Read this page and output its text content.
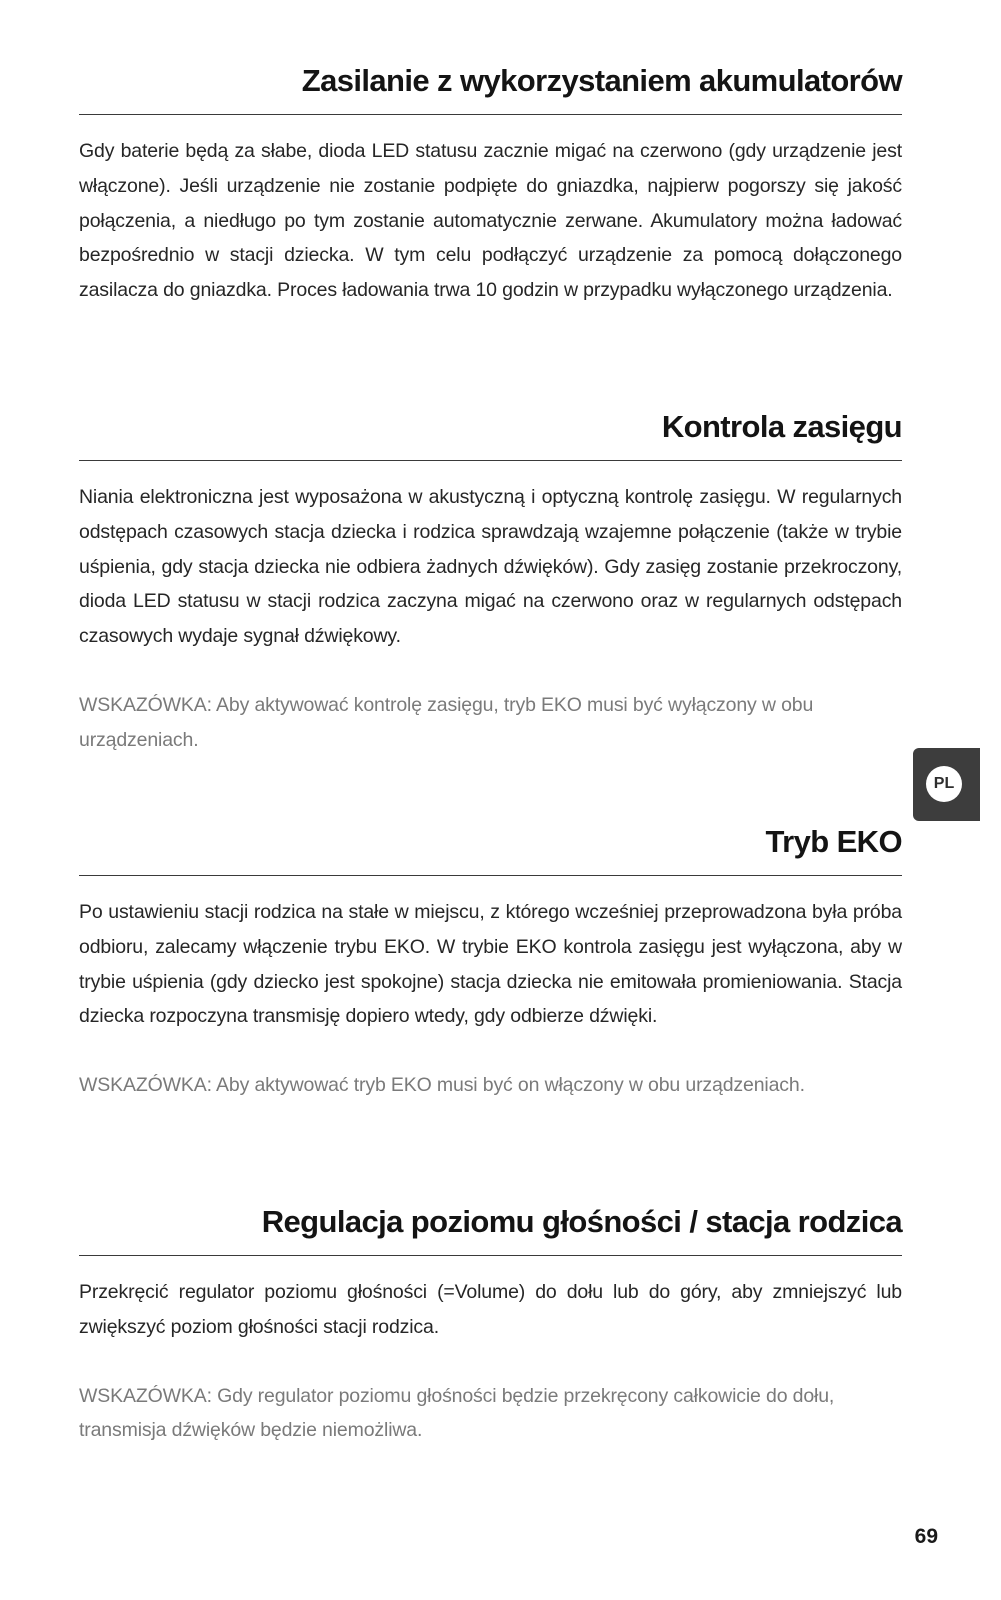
Zasilanie z wykorzystaniem akumulatorów

Gdy baterie będą za słabe, dioda LED statusu zacznie migać na czerwono (gdy urządzenie jest włączone). Jeśli urządzenie nie zostanie podpięte do gniazdka, najpierw pogorszy się jakość połączenia, a niedługo po tym zostanie automatycznie zerwane. Akumulatory można ładować bezpośrednio w stacji dziecka. W tym celu podłączyć urządzenie za pomocą dołączonego zasilacza do gniazdka. Proces ładowania trwa 10 godzin w przypadku wyłączonego urządzenia.

Kontrola zasięgu

Niania elektroniczna jest wyposażona w akustyczną i optyczną kontrolę zasięgu. W regularnych odstępach czasowych stacja dziecka i rodzica sprawdzają wzajemne połączenie (także w trybie uśpienia, gdy stacja dziecka nie odbiera żadnych dźwięków). Gdy zasięg zostanie przekroczony, dioda LED statusu w stacji rodzica zaczyna migać na czerwono oraz w regularnych odstępach czasowych wydaje sygnał dźwiękowy.

WSKAZÓWKA: Aby aktywować kontrolę zasięgu, tryb EKO musi być wyłączony w obu urządzeniach.

Tryb EKO

Po ustawieniu stacji rodzica na stałe w miejscu, z którego wcześniej przeprowadzona była próba odbioru, zalecamy włączenie trybu EKO. W trybie EKO kontrola zasięgu jest wyłączona, aby w trybie uśpienia (gdy dziecko jest spokojne) stacja dziecka nie emitowała promieniowania. Stacja dziecka rozpoczyna transmisję dopiero wtedy, gdy odbierze dźwięki.

WSKAZÓWKA: Aby aktywować tryb EKO musi być on włączony w obu urządzeniach.

Regulacja poziomu głośności / stacja rodzica

Przekręcić regulator poziomu głośności (=Volume) do dołu lub do góry, aby zmniejszyć lub zwiększyć poziom głośności stacji rodzica.

WSKAZÓWKA: Gdy regulator poziomu głośności będzie przekręcony całkowicie do dołu, transmisja dźwięków będzie niemożliwa.

PL
69
